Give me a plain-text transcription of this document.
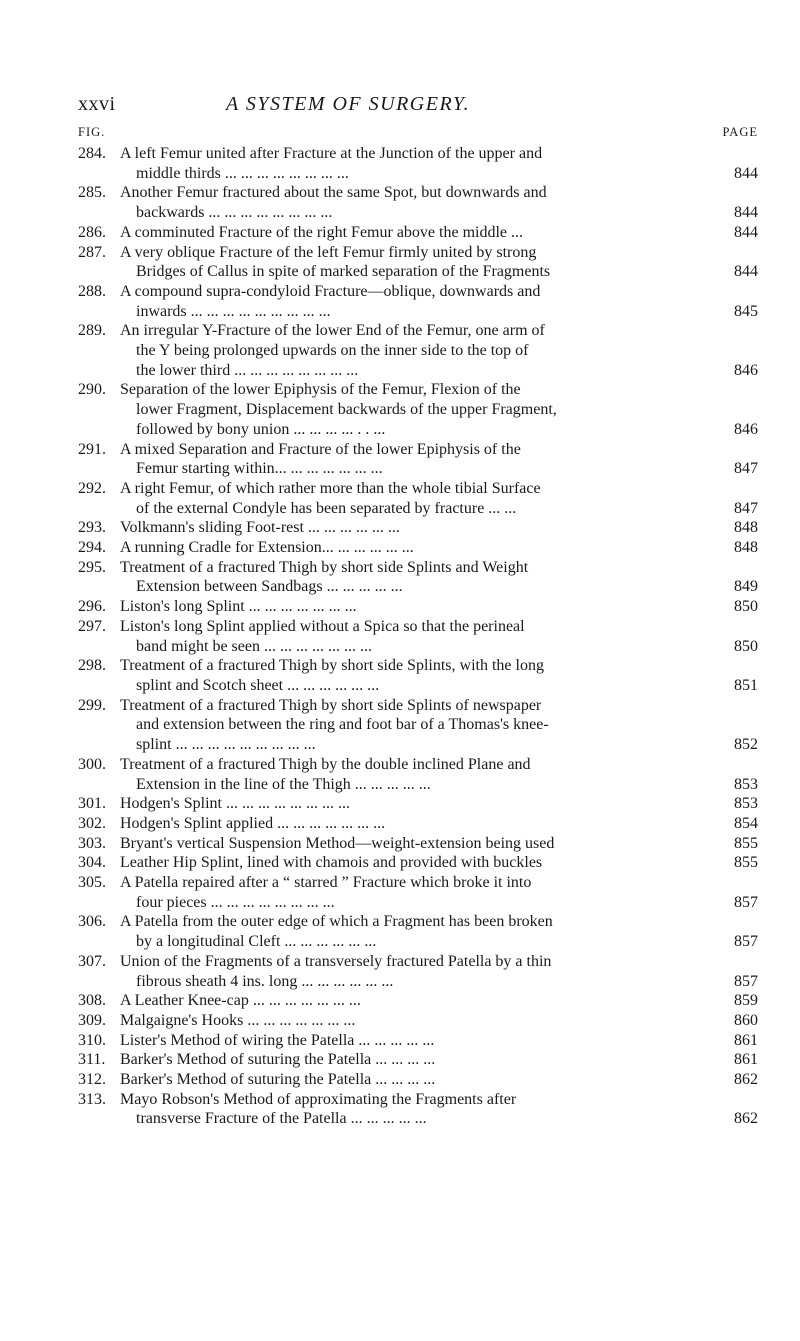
xxvi	A SYSTEM OF SURGERY.
FIG.	PAGE
284. A left Femur united after Fracture at the Junction of the upper and
middle thirds ... ... ... ... ... ... ... ...	844
285. Another Femur fractured about the same Spot, but downwards and
backwards ... ... ... ... ... ... ... ...	844
286. A comminuted Fracture of the right Femur above the middle ...	844
287. A very oblique Fracture of the left Femur firmly united by strong
Bridges of Callus in spite of marked separation of the Fragments	844
288. A compound supra-condyloid Fracture—oblique, downwards and
inwards ... ... ... ... ... ... ... ... ...	845
289. An irregular Y-Fracture of the lower End of the Femur, one arm of
the Y being prolonged upwards on the inner side to the top of
the lower third ... ... ... ... ... ... ... ...	846
290. Separation of the lower Epiphysis of the Femur, Flexion of the
lower Fragment, Displacement backwards of the upper Fragment,
followed by bony union ... ... ... ... . . ...	846
291. A mixed Separation and Fracture of the lower Epiphysis of the
Femur starting within... ... ... ... ... ... ...	847
292. A right Femur, of which rather more than the whole tibial Surface
of the external Condyle has been separated by fracture ... ...	847
293. Volkmann's sliding Foot-rest ... ... ... ... ... ...	848
294. A running Cradle for Extension... ... ... ... ... ...	848
295. Treatment of a fractured Thigh by short side Splints and Weight
Extension between Sandbags ... ... ... ... ...	849
296. Liston's long Splint ... ... ... ... ... ... ...	850
297. Liston's long Splint applied without a Spica so that the perineal
band might be seen ... ... ... ... ... ... ...	850
298. Treatment of a fractured Thigh by short side Splints, with the long
splint and Scotch sheet ... ... ... ... ... ...	851
299. Treatment of a fractured Thigh by short side Splints of newspaper
and extension between the ring and foot bar of a Thomas's knee-
splint ... ... ... ... ... ... ... ... ...	852
300. Treatment of a fractured Thigh by the double inclined Plane and
Extension in the line of the Thigh ... ... ... ... ...	853
301. Hodgen's Splint ... ... ... ... ... ... ... ...	853
302. Hodgen's Splint applied ... ... ... ... ... ... ...	854
303. Bryant's vertical Suspension Method—weight-extension being used	855
304. Leather Hip Splint, lined with chamois and provided with buckles	855
305. A Patella repaired after a “ starred ” Fracture which broke it into
four pieces ... ... ... ... ... ... ... ...	857
306. A Patella from the outer edge of which a Fragment has been broken
by a longitudinal Cleft ... ... ... ... ... ...	857
307. Union of the Fragments of a transversely fractured Patella by a thin
fibrous sheath 4 ins. long ... ... ... ... ... ...	857
308. A Leather Knee-cap ... ... ... ... ... ... ...	859
309. Malgaigne's Hooks ... ... ... ... ... ... ...	860
310. Lister's Method of wiring the Patella ... ... ... ... ...	861
311. Barker's Method of suturing the Patella ... ... ... ...	861
312. Barker's Method of suturing the Patella ... ... ... ...	862
313. Mayo Robson's Method of approximating the Fragments after
transverse Fracture of the Patella ... ... ... ... ...	862
